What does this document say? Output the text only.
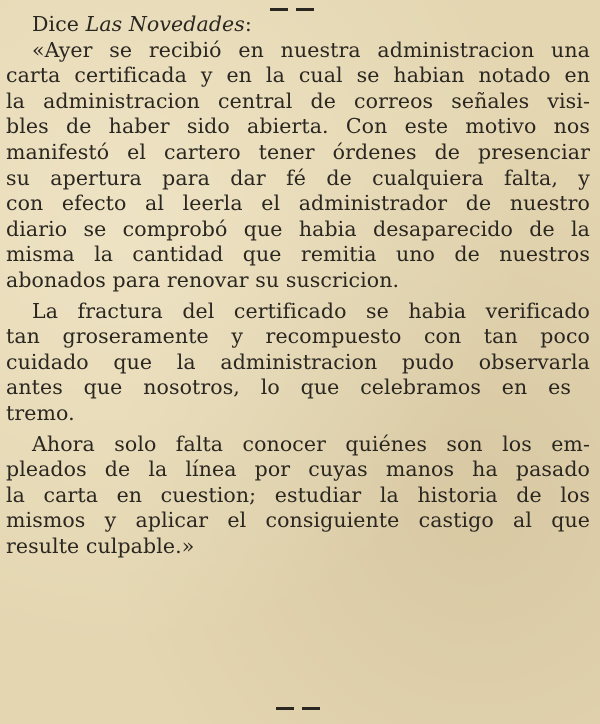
Dice Las Novedades:
«Ayer se recibió en nuestra administracion una
carta certificada y en la cual se habian notado en
la administracion central de correos señales visi-
bles de haber sido abierta. Con este motivo nos
manifestó el cartero tener órdenes de presenciar
su apertura para dar fé de cualquiera falta, y
con efecto al leerla el administrador de nuestro
diario se comprobó que habia desaparecido de la
misma la cantidad que remitia uno de nuestros
abonados para renovar su suscricion.
La fractura del certificado se habia verificado
tan groseramente y recompuesto con tan poco
cuidado que la administracion pudo observarla
antes que nosotros, lo que celebramos en es
tremo.
Ahora solo falta conocer quiénes son los em-
pleados de la línea por cuyas manos ha pasado
la carta en cuestion; estudiar la historia de los
mismos y aplicar el consiguiente castigo al que
resulte culpable.»
